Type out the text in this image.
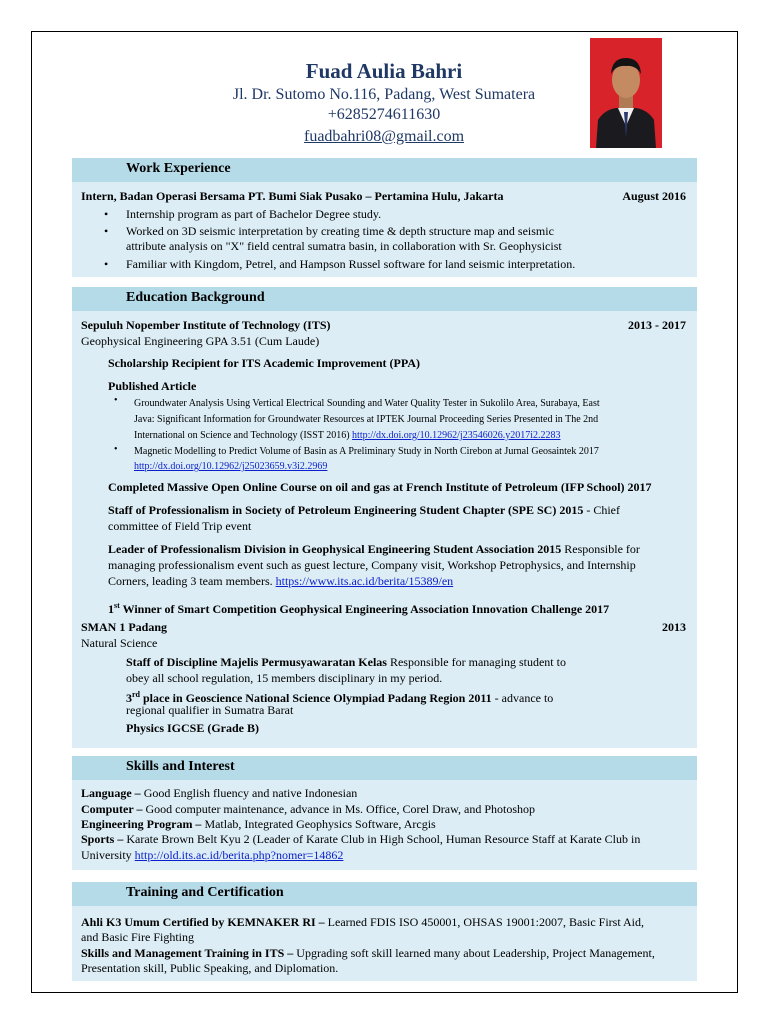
Fuad Aulia Bahri
Jl. Dr. Sutomo No.116, Padang, West Sumatera
+6285274611630
fuadbahri08@gmail.com
Work Experience
Intern, Badan Operasi Bersama PT. Bumi Siak Pusako – Pertamina Hulu, Jakarta	August 2016
• Internship program as part of Bachelor Degree study.
• Worked on 3D seismic interpretation by creating time & depth structure map and seismic
attribute analysis on "X" field central sumatra basin, in collaboration with Sr. Geophysicist
• Familiar with Kingdom, Petrel, and Hampson Russel software for land seismic interpretation.
Education Background
Sepuluh Nopember Institute of Technology (ITS)	2013 - 2017
Geophysical Engineering GPA 3.51 (Cum Laude)
Scholarship Recipient for ITS Academic Improvement (PPA)
Published Article
• Groundwater Analysis Using Vertical Electrical Sounding and Water Quality Tester in Sukolilo Area, Surabaya, East
Java: Significant Information for Groundwater Resources at IPTEK Journal Proceeding Series Presented in The 2nd
International on Science and Technology (ISST 2016) http://dx.doi.org/10.12962/j23546026.y2017i2.2283
• Magnetic Modelling to Predict Volume of Basin as A Preliminary Study in North Cirebon at Jurnal Geosaintek 2017
http://dx.doi.org/10.12962/j25023659.v3i2.2969
Completed Massive Open Online Course on oil and gas at French Institute of Petroleum (IFP School) 2017
Staff of Professionalism in Society of Petroleum Engineering Student Chapter (SPE SC) 2015 - Chief
committee of Field Trip event
Leader of Professionalism Division in Geophysical Engineering Student Association 2015 Responsible for
managing professionalism event such as guest lecture, Company visit, Workshop Petrophysics, and Internship
Corners, leading 3 team members. https://www.its.ac.id/berita/15389/en
1st Winner of Smart Competition Geophysical Engineering Association Innovation Challenge 2017
SMAN 1 Padang	2013
Natural Science
Staff of Discipline Majelis Permusyawaratan Kelas Responsible for managing student to
obey all school regulation, 15 members disciplinary in my period.
3rd place in Geoscience National Science Olympiad Padang Region 2011 - advance to
regional qualifier in Sumatra Barat
Physics IGCSE (Grade B)
Skills and Interest
Language – Good English fluency and native Indonesian
Computer – Good computer maintenance, advance in Ms. Office, Corel Draw, and Photoshop
Engineering Program – Matlab, Integrated Geophysics Software, Arcgis
Sports – Karate Brown Belt Kyu 2 (Leader of Karate Club in High School, Human Resource Staff at Karate Club in
University http://old.its.ac.id/berita.php?nomer=14862
Training and Certification
Ahli K3 Umum Certified by KEMNAKER RI – Learned FDIS ISO 450001, OHSAS 19001:2007, Basic First Aid,
and Basic Fire Fighting
Skills and Management Training in ITS – Upgrading soft skill learned many about Leadership, Project Management,
Presentation skill, Public Speaking, and Diplomation.
